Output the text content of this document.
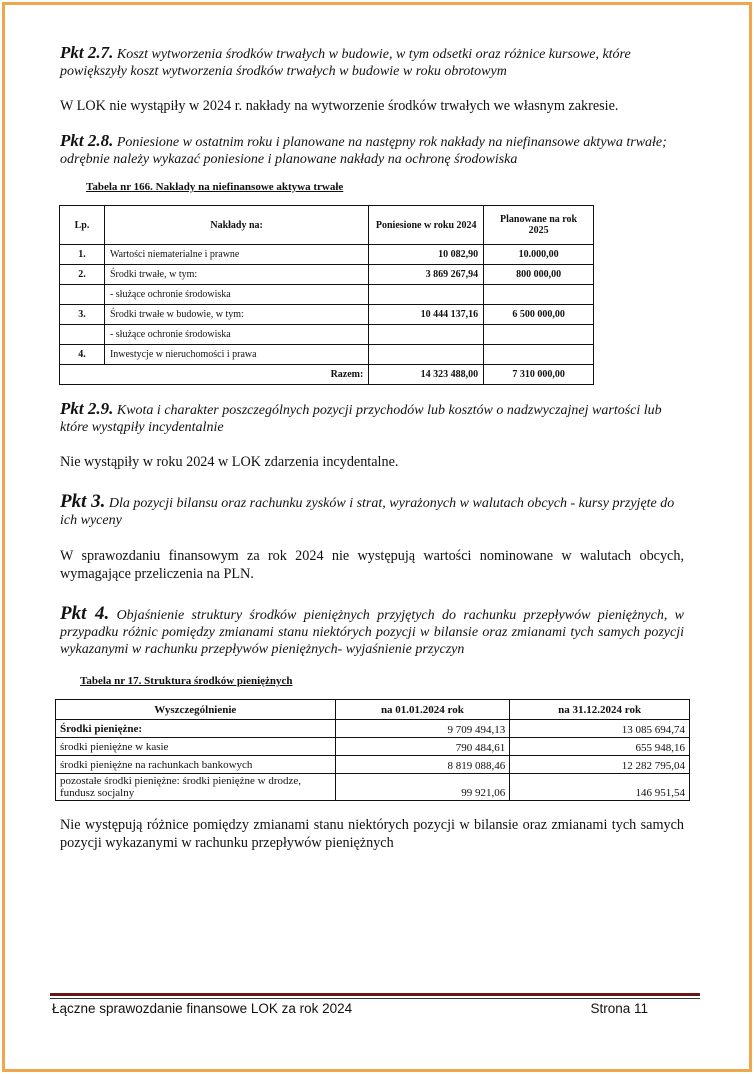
Pkt 2.7. Koszt wytworzenia środków trwałych w budowie, w tym odsetki oraz różnice kursowe, które powiększyły koszt wytworzenia środków trwałych w budowie w roku obrotowym
W LOK nie wystąpiły w 2024 r. nakłady na wytworzenie środków trwałych we własnym zakresie.
Pkt 2.8. Poniesione w ostatnim roku i planowane na następny rok nakłady na niefinansowe aktywa trwałe; odrębnie należy wykazać poniesione i planowane nakłady na ochronę środowiska
Tabela nr 166. Nakłady na niefinansowe aktywa trwałe
Lp.	Nakłady na:	Poniesione w roku 2024	Planowane na rok 2025
1.	Wartości niematerialne i prawne	10 082,90	10.000,00
2.	Środki trwałe, w tym:	3 869 267,94	800 000,00
	- służące ochronie środowiska		
3.	Środki trwałe w budowie, w tym:	10 444 137,16	6 500 000,00
	- służące ochronie środowiska		
4.	Inwestycje w nieruchomości i prawa		
Razem:		14 323 488,00	7 310 000,00
Pkt 2.9. Kwota i charakter poszczególnych pozycji przychodów lub kosztów o nadzwyczajnej wartości lub które wystąpiły incydentalnie
Nie wystąpiły w roku 2024 w LOK zdarzenia incydentalne.
Pkt 3. Dla pozycji bilansu oraz rachunku zysków i strat, wyrażonych w walutach obcych - kursy przyjęte do ich wyceny
W sprawozdaniu finansowym za rok 2024 nie występują wartości nominowane w walutach obcych, wymagające przeliczenia na PLN.
Pkt 4. Objaśnienie struktury środków pieniężnych przyjętych do rachunku przepływów pieniężnych, w przypadku różnic pomiędzy zmianami stanu niektórych pozycji w bilansie oraz zmianami tych samych pozycji wykazanymi w rachunku przepływów pieniężnych- wyjaśnienie przyczyn
Tabela nr 17. Struktura środków pieniężnych
Wyszczególnienie	na 01.01.2024 rok	na 31.12.2024 rok
Środki pieniężne:	9 709 494,13	13 085 694,74
środki pieniężne w kasie	790 484,61	655 948,16
środki pieniężne na rachunkach bankowych	8 819 088,46	12 282 795,04
pozostałe środki pieniężne: środki pieniężne w drodze, fundusz socjalny	99 921,06	146 951,54
Nie występują różnice pomiędzy zmianami stanu niektórych pozycji w bilansie oraz zmianami tych samych pozycji wykazanymi w rachunku przepływów pieniężnych
Łączne sprawozdanie finansowe LOK za rok 2024	Strona 11
